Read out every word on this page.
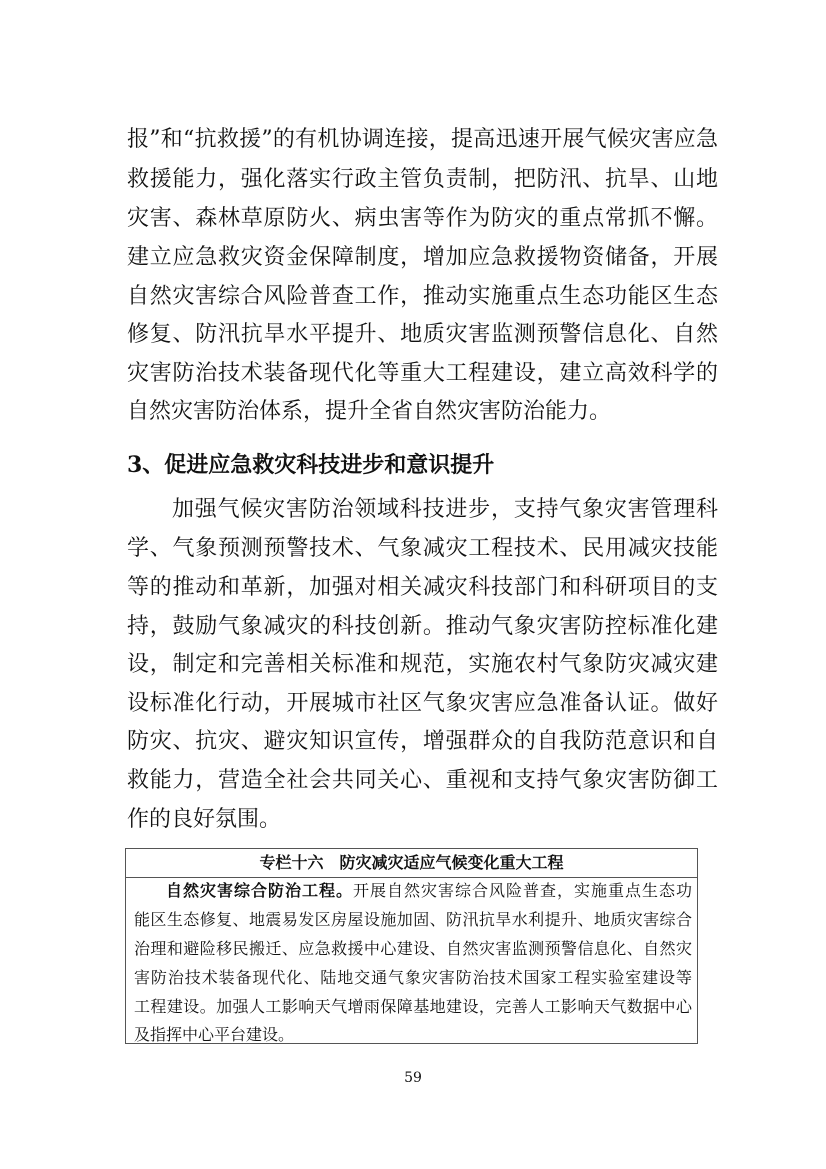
报”和“抗救援”的有机协调连接，提高迅速开展气候灾害应急
救援能力，强化落实行政主管负责制，把防汛、抗旱、山地
灾害、森林草原防火、病虫害等作为防灾的重点常抓不懈。
建立应急救灾资金保障制度，增加应急救援物资储备，开展
自然灾害综合风险普查工作，推动实施重点生态功能区生态
修复、防汛抗旱水平提升、地质灾害监测预警信息化、自然
灾害防治技术装备现代化等重大工程建设，建立高效科学的
自然灾害防治体系，提升全省自然灾害防治能力。
3、促进应急救灾科技进步和意识提升
加强气候灾害防治领域科技进步，支持气象灾害管理科
学、气象预测预警技术、气象减灾工程技术、民用减灾技能
等的推动和革新，加强对相关减灾科技部门和科研项目的支
持，鼓励气象减灾的科技创新。推动气象灾害防控标准化建
设，制定和完善相关标准和规范，实施农村气象防灾减灾建
设标准化行动，开展城市社区气象灾害应急准备认证。做好
防灾、抗灾、避灾知识宣传，增强群众的自我防范意识和自
救能力，营造全社会共同关心、重视和支持气象灾害防御工
作的良好氛围。
专栏十六　防灾减灾适应气候变化重大工程
自然灾害综合防治工程。开展自然灾害综合风险普查，实施重点生态功
能区生态修复、地震易发区房屋设施加固、防汛抗旱水利提升、地质灾害综合
治理和避险移民搬迁、应急救援中心建设、自然灾害监测预警信息化、自然灾
害防治技术装备现代化、陆地交通气象灾害防治技术国家工程实验室建设等
工程建设。加强人工影响天气增雨保障基地建设，完善人工影响天气数据中心
及指挥中心平台建设。
59
